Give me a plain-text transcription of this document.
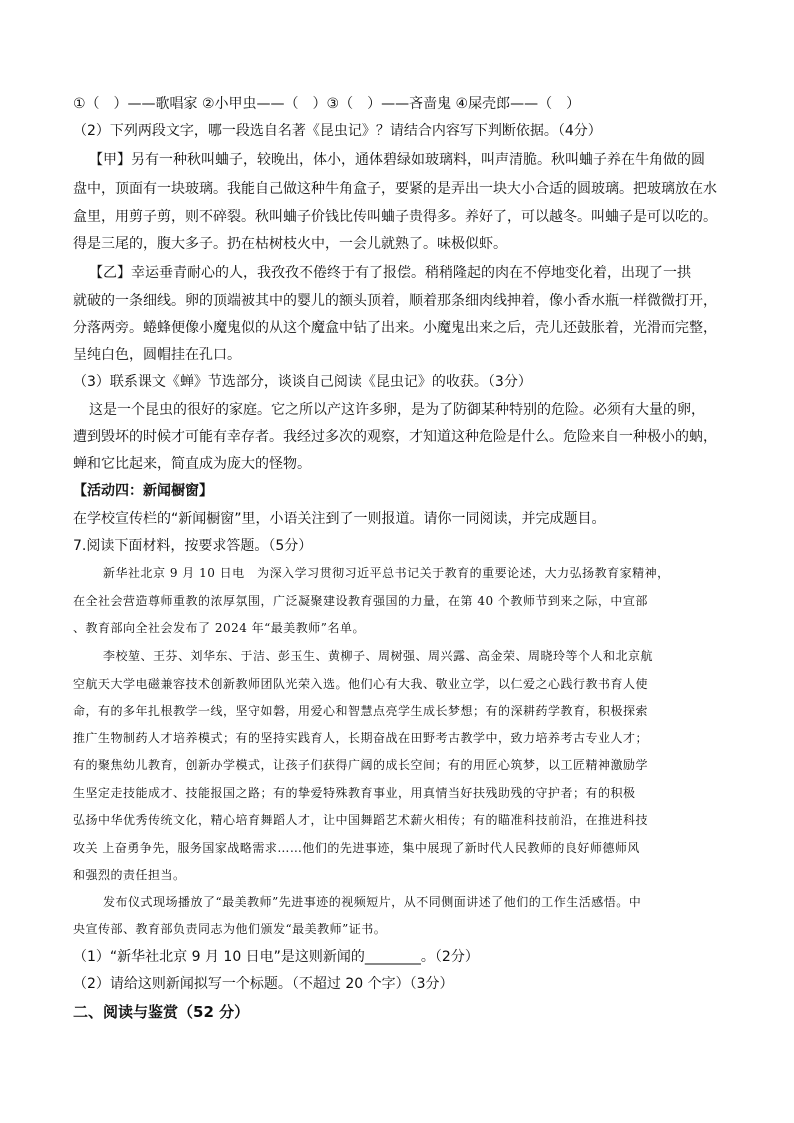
①（　）——歌唱家 ②小甲虫——（　）③（　）——吝啬鬼 ④屎壳郎——（　）
（2）下列两段文字，哪一段选自名著《昆虫记》？请结合内容写下判断依据。（4分）
【甲】另有一种秋叫蛐子，较晚出，体小，通体碧绿如玻璃料，叫声清脆。秋叫蛐子养在牛角做的圆
盘中，顶面有一块玻璃。我能自己做这种牛角盒子，要紧的是弄出一块大小合适的圆玻璃。把玻璃放在水
盒里，用剪子剪，则不碎裂。秋叫蛐子价钱比传叫蛐子贵得多。养好了，可以越冬。叫蛐子是可以吃的。
得是三尾的，腹大多子。扔在枯树枝火中，一会儿就熟了。味极似虾。
【乙】幸运垂青耐心的人，我孜孜不倦终于有了报偿。稍稍隆起的肉在不停地变化着，出现了一拱
就破的一条细线。卵的顶端被其中的婴儿的额头顶着，顺着那条细肉线抻着，像小香水瓶一样微微打开，
分落两旁。蜷蜂便像小魔鬼似的从这个魔盒中钻了出来。小魔鬼出来之后，壳儿还鼓胀着，光滑而完整，
呈纯白色，圆帽挂在孔口。
（3）联系课文《蝉》节选部分，谈谈自己阅读《昆虫记》的收获。（3分）
这是一个昆虫的很好的家庭。它之所以产这许多卵，是为了防御某种特别的危险。必须有大量的卵，
遭到毁坏的时候才可能有幸存者。我经过多次的观察，才知道这种危险是什么。危险来自一种极小的蚋，
蝉和它比起来，简直成为庞大的怪物。
【活动四：新闻橱窗】
在学校宣传栏的“新闻橱窗”里，小语关注到了一则报道。请你一同阅读，并完成题目。
7.阅读下面材料，按要求答题。（5分）
新华社北京 9 月 10 日电　为深入学习贯彻习近平总书记关于教育的重要论述，大力弘扬教育家精神，
在全社会营造尊师重教的浓厚氛围，广泛凝聚建设教育强国的力量，在第 40 个教师节到来之际，中宣部
、教育部向全社会发布了 2024 年“最美教师”名单。
李校堃、王芬、刘华东、于洁、彭玉生、黄柳子、周树强、周兴露、高金荣、周晓玲等个人和北京航
空航天大学电磁兼容技术创新教师团队光荣入选。他们心有大我、敬业立学，以仁爱之心践行教书育人使
命，有的多年扎根教学一线，坚守如磐，用爱心和智慧点亮学生成长梦想；有的深耕药学教育，积极探索
推广生物制药人才培养模式；有的坚持实践育人，长期奋战在田野考古教学中，致力培养考古专业人才；
有的聚焦幼儿教育，创新办学模式，让孩子们获得广阔的成长空间；有的用匠心筑梦，以工匠精神激励学
生坚定走技能成才、技能报国之路；有的挚爱特殊教育事业，用真情当好扶残助残的守护者；有的积极
弘扬中华优秀传统文化，精心培育舞蹈人才，让中国舞蹈艺术薪火相传；有的瞄准科技前沿，在推进科技
攻关 上奋勇争先，服务国家战略需求……他们的先进事迹，集中展现了新时代人民教师的良好师德师风
和强烈的责任担当。
发布仪式现场播放了“最美教师”先进事迹的视频短片，从不同侧面讲述了他们的工作生活感悟。中
央宣传部、教育部负责同志为他们颁发“最美教师”证书。
（1）“新华社北京 9 月 10 日电”是这则新闻的________。（2分）
（2）请给这则新闻拟写一个标题。（不超过 20 个字）（3分）
二、阅读与鉴赏（52 分）
